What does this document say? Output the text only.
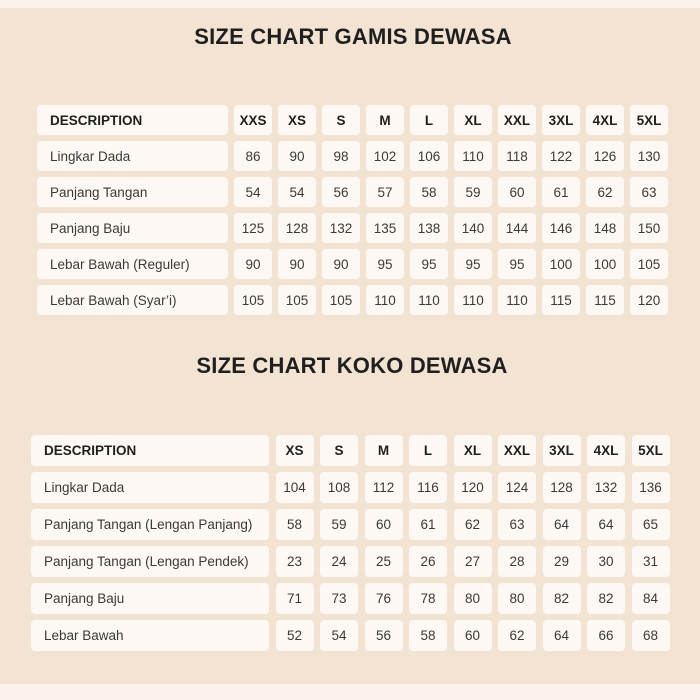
SIZE CHART GAMIS DEWASA
DESCRIPTION	XXS	XS	S	M	L	XL	XXL	3XL	4XL	5XL
Lingkar Dada	86	90	98	102	106	110	118	122	126	130
Panjang Tangan	54	54	56	57	58	59	60	61	62	63
Panjang Baju	125	128	132	135	138	140	144	146	148	150
Lebar Bawah (Reguler)	90	90	90	95	95	95	95	100	100	105
Lebar Bawah (Syar’i)	105	105	105	110	110	110	110	115	115	120
SIZE CHART KOKO DEWASA
DESCRIPTION	XS	S	M	L	XL	XXL	3XL	4XL	5XL
Lingkar Dada	104	108	112	116	120	124	128	132	136
Panjang Tangan (Lengan Panjang)	58	59	60	61	62	63	64	64	65
Panjang Tangan (Lengan Pendek)	23	24	25	26	27	28	29	30	31
Panjang Baju	71	73	76	78	80	80	82	82	84
Lebar Bawah	52	54	56	58	60	62	64	66	68
